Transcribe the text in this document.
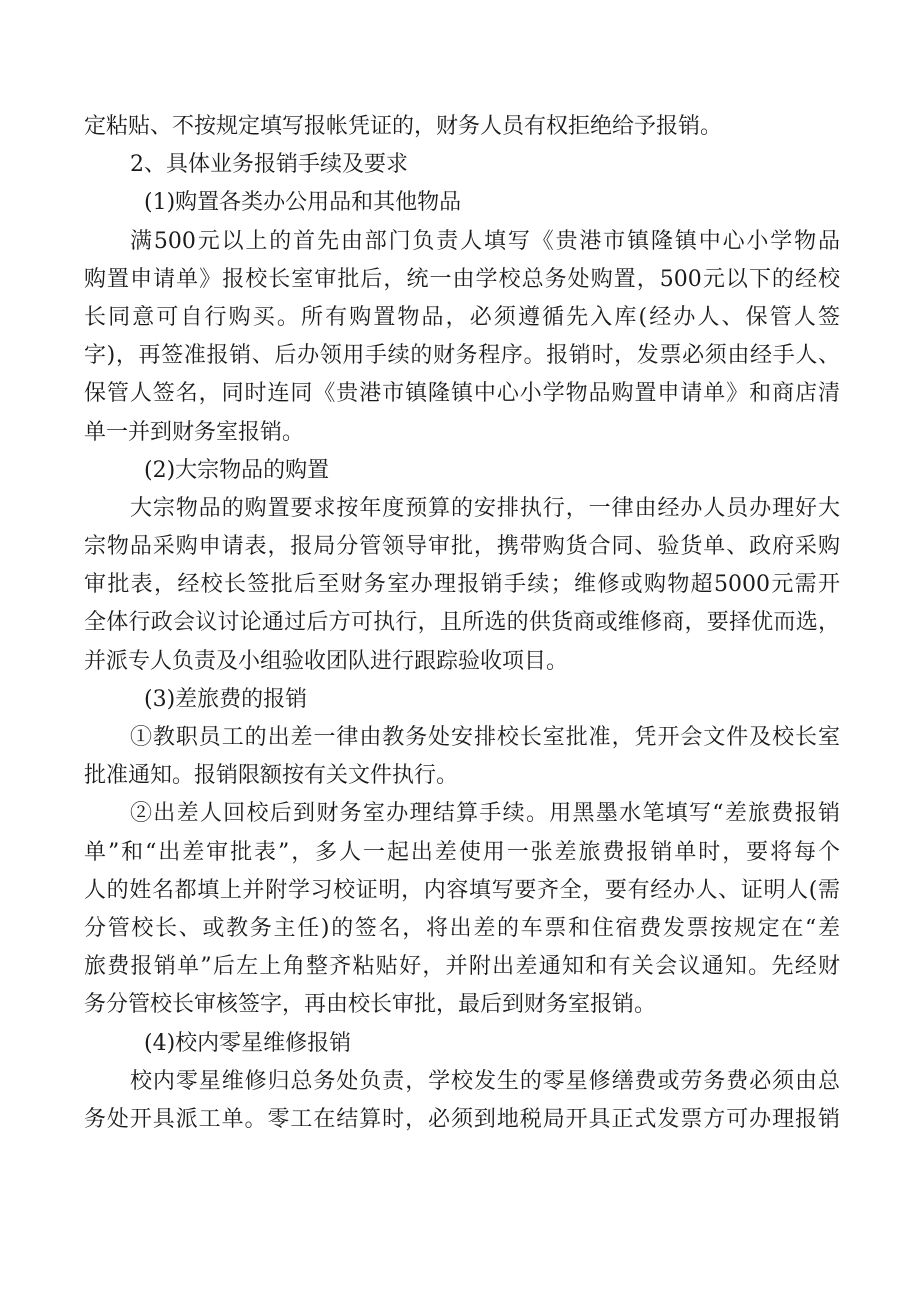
定粘贴、不按规定填写报帐凭证的，财务人员有权拒绝给予报销。
2、具体业务报销手续及要求
(1)购置各类办公用品和其他物品
满500元以上的首先由部门负责人填写《贵港市镇隆镇中心小学物品
购置申请单》报校长室审批后，统一由学校总务处购置，500元以下的经校
长同意可自行购买。所有购置物品，必须遵循先入库(经办人、保管人签
字)，再签准报销、后办领用手续的财务程序。报销时，发票必须由经手人、
保管人签名，同时连同《贵港市镇隆镇中心小学物品购置申请单》和商店清
单一并到财务室报销。
(2)大宗物品的购置
大宗物品的购置要求按年度预算的安排执行，一律由经办人员办理好大
宗物品采购申请表，报局分管领导审批，携带购货合同、验货单、政府采购
审批表，经校长签批后至财务室办理报销手续；维修或购物超5000元需开
全体行政会议讨论通过后方可执行，且所选的供货商或维修商，要择优而选，
并派专人负责及小组验收团队进行跟踪验收项目。
(3)差旅费的报销
①教职员工的出差一律由教务处安排校长室批准，凭开会文件及校长室
批准通知。报销限额按有关文件执行。
②出差人回校后到财务室办理结算手续。用黑墨水笔填写“差旅费报销
单”和“出差审批表”，多人一起出差使用一张差旅费报销单时，要将每个
人的姓名都填上并附学习校证明，内容填写要齐全，要有经办人、证明人(需
分管校长、或教务主任)的签名，将出差的车票和住宿费发票按规定在“差
旅费报销单”后左上角整齐粘贴好，并附出差通知和有关会议通知。先经财
务分管校长审核签字，再由校长审批，最后到财务室报销。
(4)校内零星维修报销
校内零星维修归总务处负责，学校发生的零星修缮费或劳务费必须由总
务处开具派工单。零工在结算时，必须到地税局开具正式发票方可办理报销
